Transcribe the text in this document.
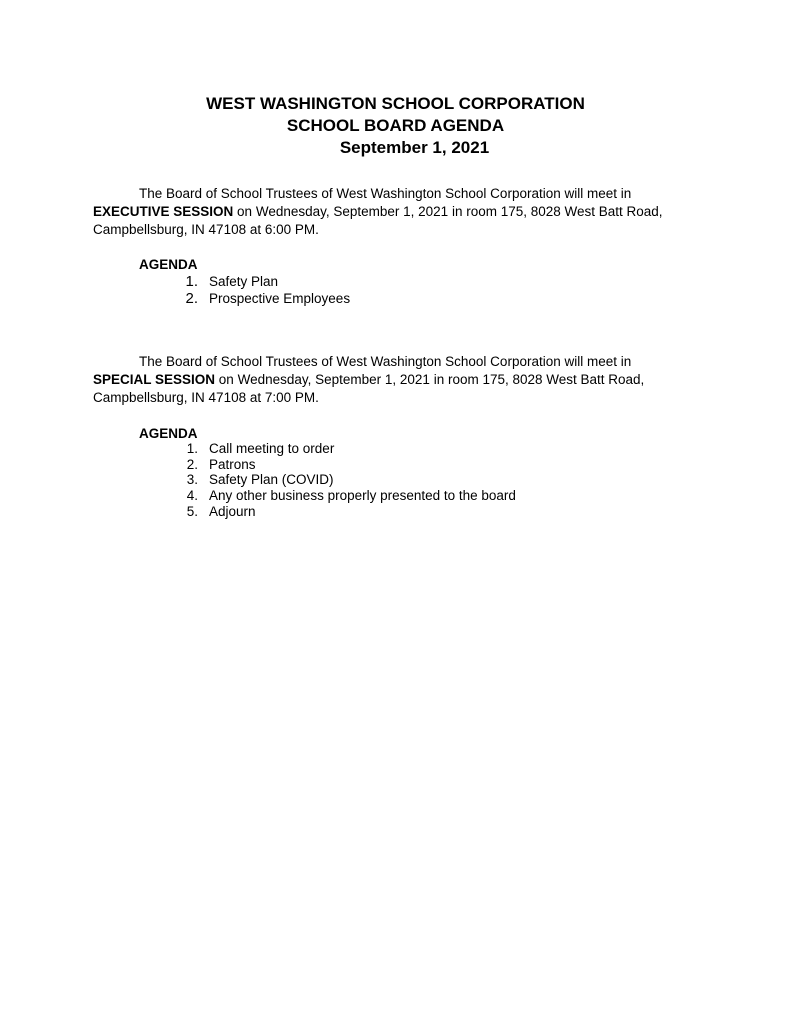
WEST WASHINGTON SCHOOL CORPORATION
SCHOOL BOARD AGENDA
September 1, 2021
The Board of School Trustees of West Washington School Corporation will meet in
EXECUTIVE SESSION on Wednesday, September 1, 2021 in room 175, 8028 West Batt Road, Campbellsburg, IN 47108 at 6:00 PM.
AGENDA
1. Safety Plan
2. Prospective Employees
The Board of School Trustees of West Washington School Corporation will meet in
SPECIAL SESSION on Wednesday, September 1, 2021 in room 175, 8028 West Batt Road, Campbellsburg, IN 47108 at 7:00 PM.
AGENDA
1. Call meeting to order
2. Patrons
3. Safety Plan (COVID)
4. Any other business properly presented to the board
5. Adjourn
